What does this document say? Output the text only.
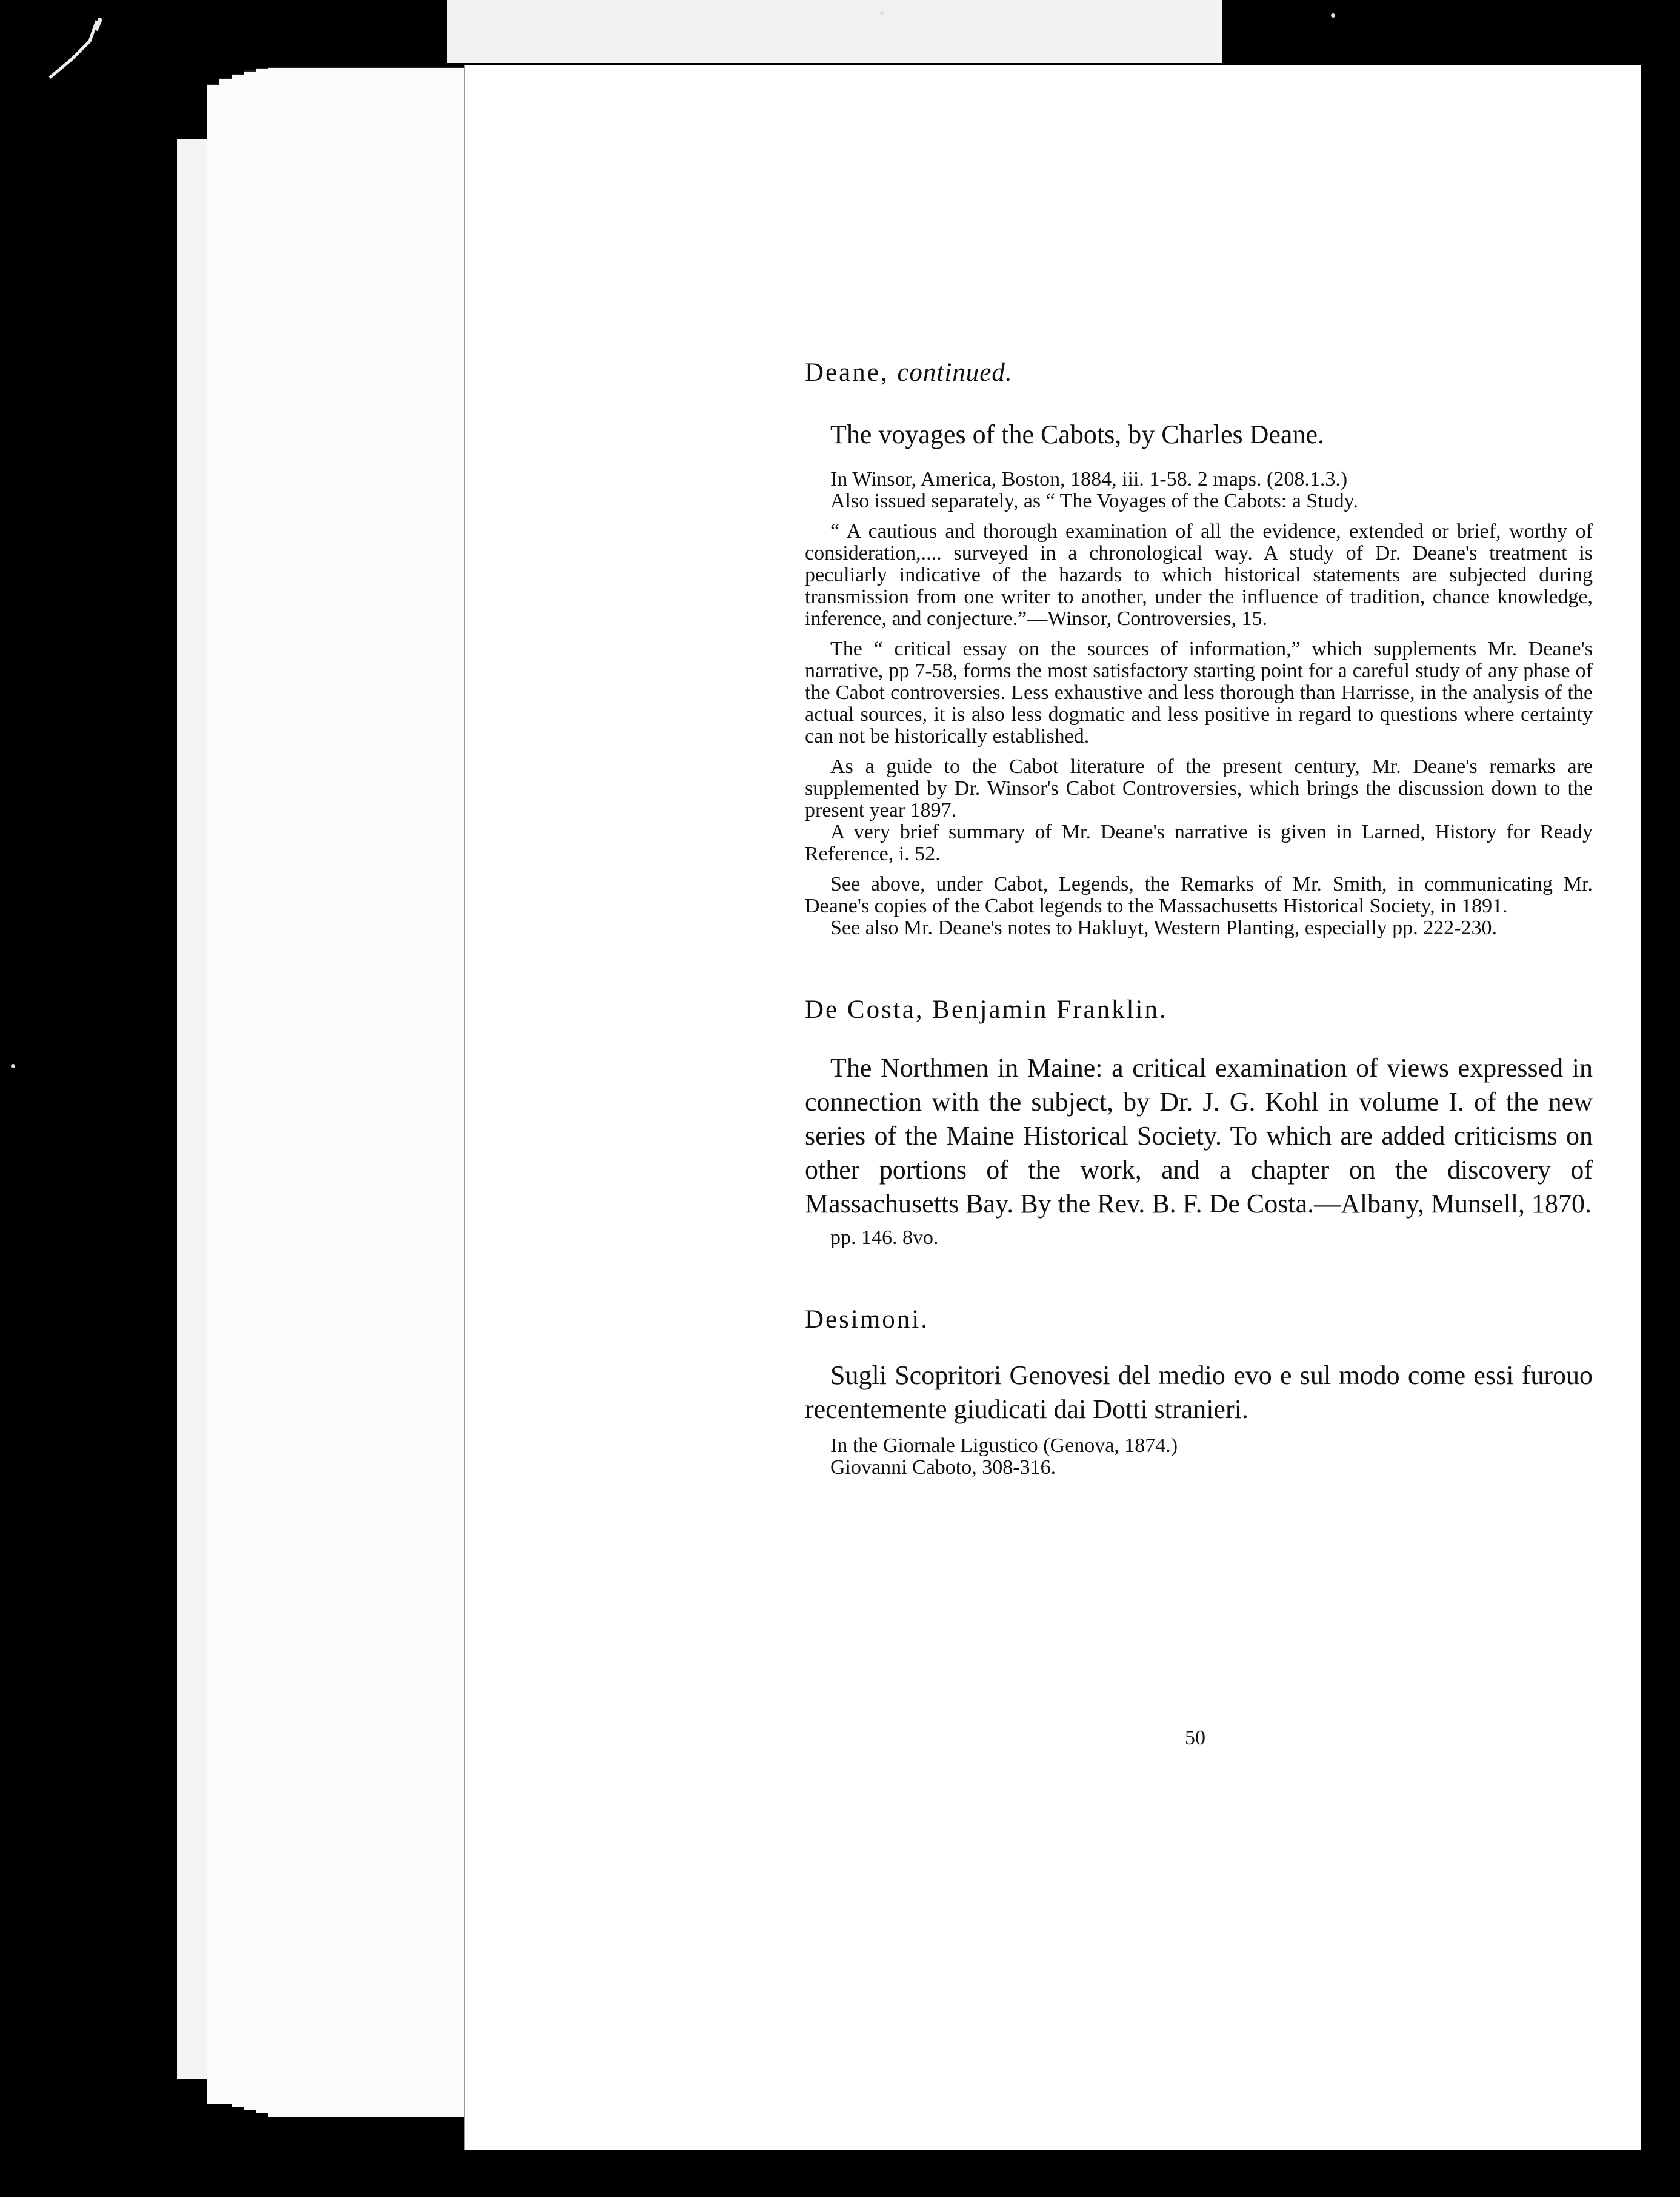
Deane, continued.

The voyages of the Cabots, by Charles Deane.

In Winsor, America, Boston, 1884, iii. 1-58. 2 maps. (208.1.3.)

Also issued separately, as “ The Voyages of the Cabots: a Study.

“ A cautious and thorough examination of all the evidence, extended or brief, worthy of consideration,.... surveyed in a chronological way. A study of Dr. Deane's treatment is peculiarly indicative of the hazards to which historical statements are subjected during transmission from one writer to another, under the influence of tradition, chance knowledge, inference, and conjecture.”—Winsor, Controversies, 15.

The “ critical essay on the sources of information,” which supplements Mr. Deane's narrative, pp 7-58, forms the most satisfactory starting point for a careful study of any phase of the Cabot controversies. Less exhaustive and less thorough than Harrisse, in the analysis of the actual sources, it is also less dogmatic and less positive in regard to questions where certainty can not be historically established.

As a guide to the Cabot literature of the present century, Mr. Deane's remarks are supplemented by Dr. Winsor's Cabot Controversies, which brings the discussion down to the present year 1897.

A very brief summary of Mr. Deane's narrative is given in Larned, History for Ready Reference, i. 52.

See above, under Cabot, Legends, the Remarks of Mr. Smith, in communicating Mr. Deane's copies of the Cabot legends to the Massachusetts Historical Society, in 1891.

See also Mr. Deane's notes to Hakluyt, Western Planting, especially pp. 222-230.

De Costa, Benjamin Franklin.

The Northmen in Maine: a critical examination of views expressed in connection with the subject, by Dr. J. G. Kohl in volume I. of the new series of the Maine Historical Society. To which are added criticisms on other portions of the work, and a chapter on the discovery of Massachusetts Bay. By the Rev. B. F. De Costa.—Albany, Munsell, 1870.

pp. 146. 8vo.

Desimoni.

Sugli Scopritori Genovesi del medio evo e sul modo come essi furouo recentemente giudicati dai Dotti stranieri.

In the Giornale Ligustico (Genova, 1874.)

Giovanni Caboto, 308-316.

50
